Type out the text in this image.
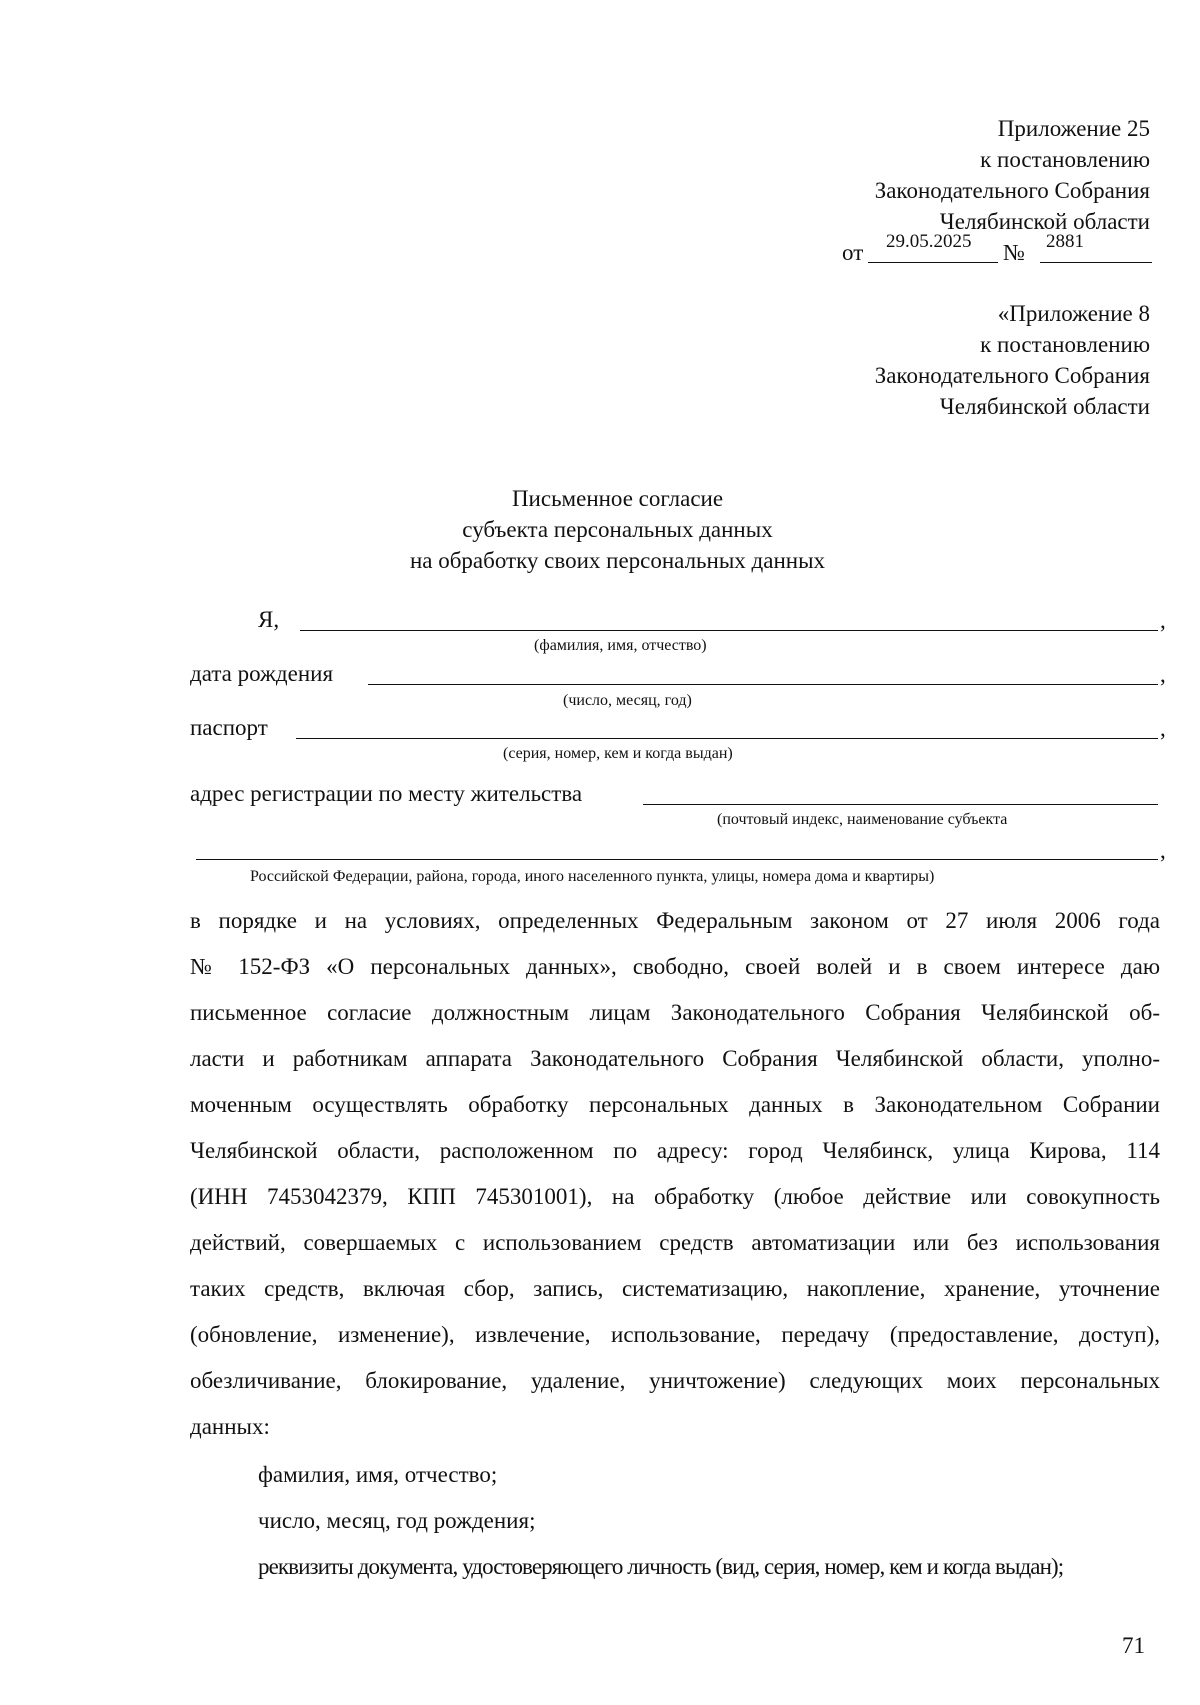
Приложение 25
к постановлению
Законодательного Собрания
Челябинской области
от 29.05.2025 № 2881
«Приложение 8
к постановлению
Законодательного Собрания
Челябинской области
Письменное согласие
субъекта персональных данных
на обработку своих персональных данных
Я,	,
(фамилия, имя, отчество)
дата рождения	,
(число, месяц, год)
паспорт	,
(серия, номер, кем и когда выдан)
адрес регистрации по месту жительства
(почтовый индекс, наименование субъекта
,
Российской Федерации, района, города, иного населенного пункта, улицы, номера дома и квартиры)
в порядке и на условиях, определенных Федеральным законом от 27 июля 2006 года
№ 152-ФЗ «О персональных данных», свободно, своей волей и в своем интересе даю
письменное согласие должностным лицам Законодательного Собрания Челябинской об-
ласти и работникам аппарата Законодательного Собрания Челябинской области, уполно-
моченным осуществлять обработку персональных данных в Законодательном Собрании
Челябинской области, расположенном по адресу: город Челябинск, улица Кирова, 114
(ИНН 7453042379, КПП 745301001), на обработку (любое действие или совокупность
действий, совершаемых с использованием средств автоматизации или без использования
таких средств, включая сбор, запись, систематизацию, накопление, хранение, уточнение
(обновление, изменение), извлечение, использование, передачу (предоставление, доступ),
обезличивание, блокирование, удаление, уничтожение) следующих моих персональных
данных:
фамилия, имя, отчество;
число, месяц, год рождения;
реквизиты документа, удостоверяющего личность (вид, серия, номер, кем и когда выдан);
71
